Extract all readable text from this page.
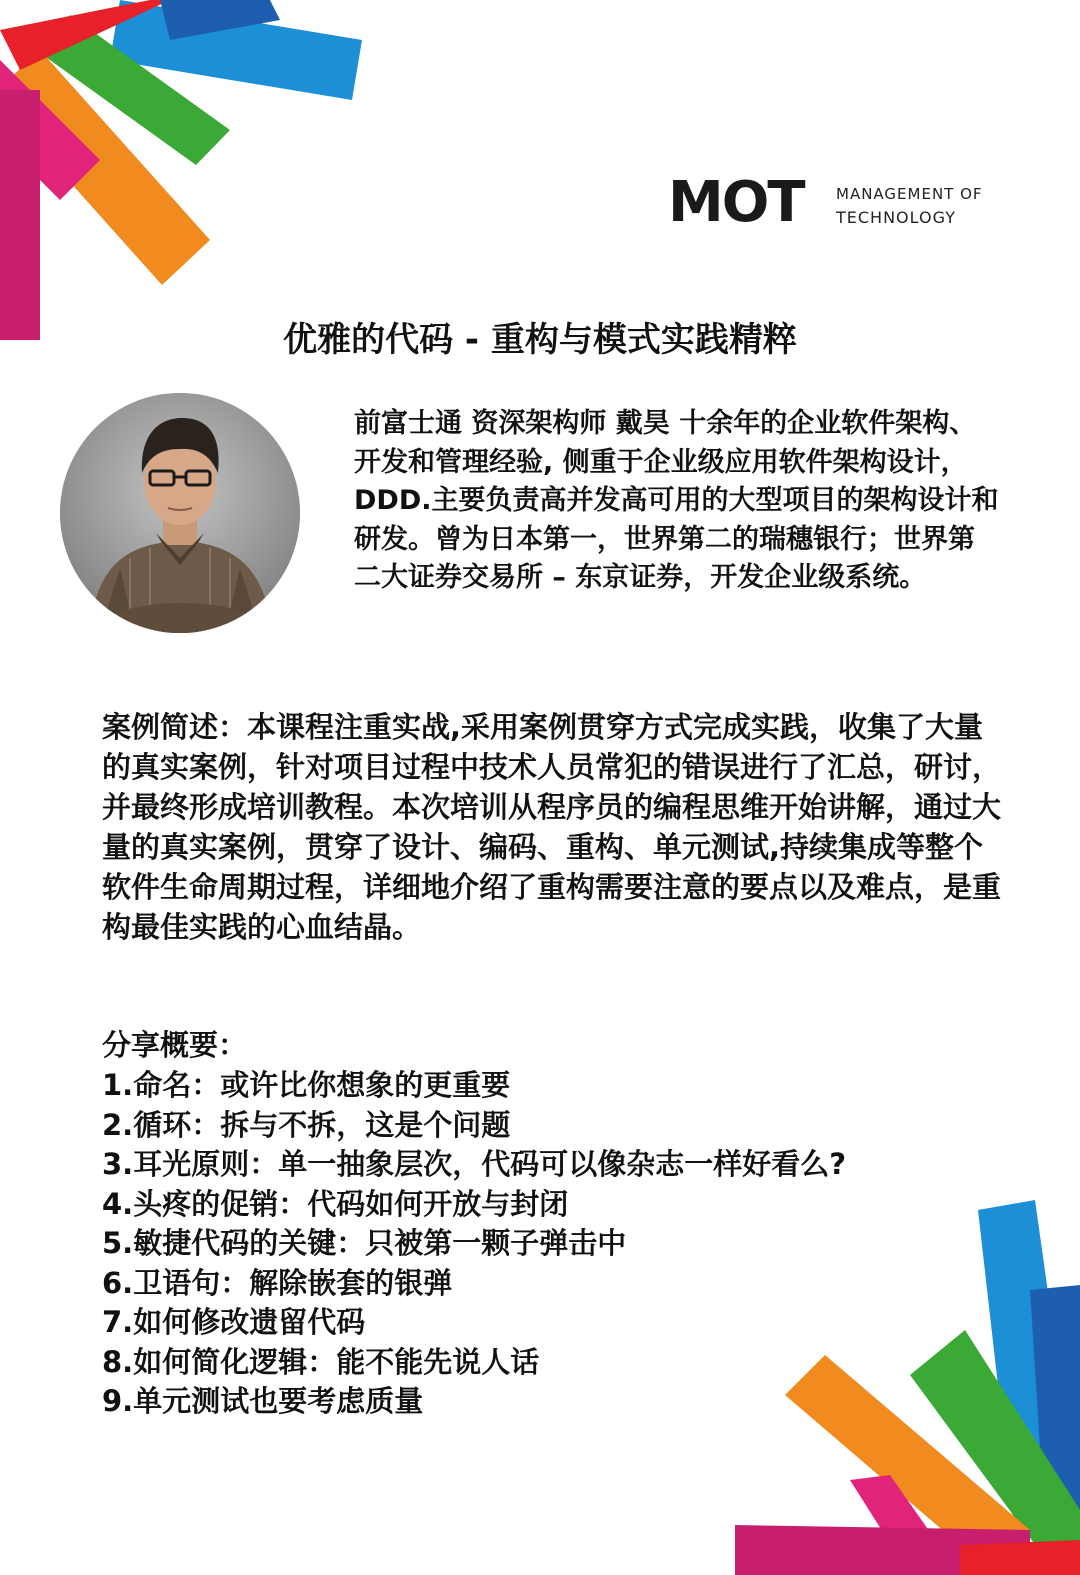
MOT MANAGEMENT OF
TECHNOLOGY
优雅的代码 - 重构与模式实践精粹

前富士通 资深架构师 戴昊 十余年的企业软件架构、开发和管理经验, 侧重于企业级应用软件架构设计，DDD.主要负责高并发高可用的大型项目的架构设计和研发。曾为日本第一，世界第二的瑞穗银行；世界第二大证券交易所 – 东京证券，开发企业级系统。

案例简述：本课程注重实战,采用案例贯穿方式完成实践，收集了大量的真实案例，针对项目过程中技术人员常犯的错误进行了汇总，研讨，并最终形成培训教程。本次培训从程序员的编程思维开始讲解，通过大量的真实案例，贯穿了设计、编码、重构、单元测试,持续集成等整个软件生命周期过程，详细地介绍了重构需要注意的要点以及难点，是重构最佳实践的心血结晶。

分享概要：

1.命名：或许比你想象的更重要
2.循环：拆与不拆，这是个问题
3.耳光原则：单一抽象层次，代码可以像杂志一样好看么?
4.头疼的促销：代码如何开放与封闭
5.敏捷代码的关键：只被第一颗子弹击中
6.卫语句：解除嵌套的银弹
7.如何修改遗留代码
8.如何简化逻辑：能不能先说人话
9.单元测试也要考虑质量
